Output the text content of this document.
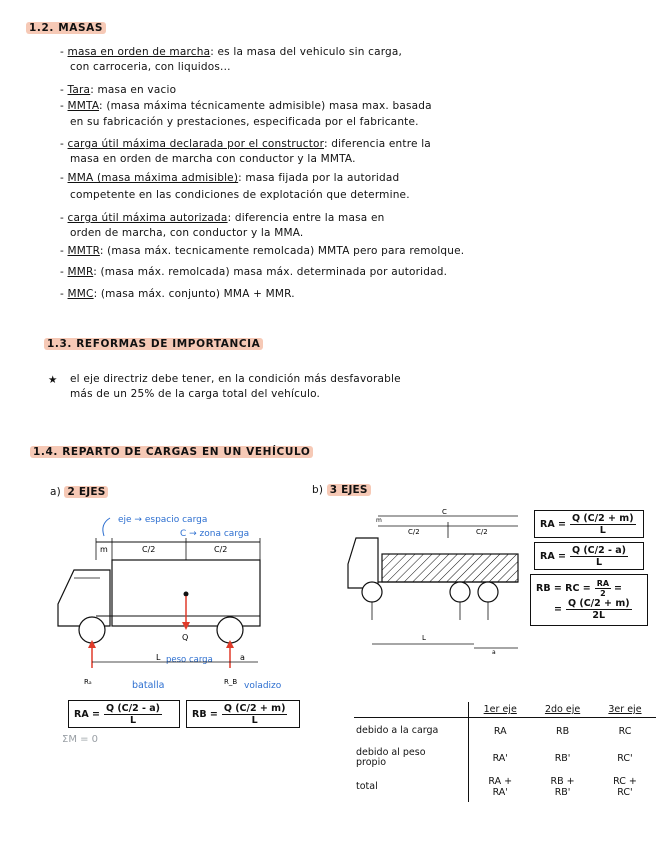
1.2. MASAS
- masa en orden de marcha: es la masa del vehiculo sin carga,
con carroceria, con liquidos...
- Tara: masa en vacio
- MMTA: (masa máxima técnicamente admisible) masa max. basada
en su fabricación y prestaciones, especificada por el fabricante.
- carga útil máxima declarada por el constructor: diferencia entre la
masa en orden de marcha con conductor y la MMTA.
- MMA (masa máxima admisible): masa fijada por la autoridad
competente en las condiciones de explotación que determine.
- carga útil máxima autorizada: diferencia entre la masa en
orden de marcha, con conductor y la MMA.
- MMTR: (masa máx. tecnicamente remolcada) MMTA pero para remolque.
- MMR: (masa máx. remolcada) masa máx. determinada por autoridad.
- MMC: (masa máx. conjunto) MMA + MMR.
1.3. REFORMAS DE IMPORTANCIA
★ el eje directriz debe tener, en la condición más desfavorable
más de un 25% de la carga total del vehículo.
1.4. REPARTO DE CARGAS EN UN VEHÍCULO
a) 2 EJES	b) 3 EJES
eje → espacio carga
C → zona carga
m	C/2	C/2
Q
peso carga
L	a
Rₐ	R_B
batalla	voladizo
RA = $\frac{Q (C/2 - a)}{L}$	RB = $\frac{Q (C/2 + m)}{L}$
ΣM = 0
C
C/2	C/2
m
L
a
RA = $\frac{Q (C/2 + m)}{L}$
RA = $\frac{Q (C/2 - a)}{L}$
RB = RC = $\frac{RA}{2}$ =
= $\frac{Q (C/2 + m)}{2L}$
	1er eje	2do eje	3er eje
debido a la carga	RA	RB	RC
debido al peso propio	RA'	RB'	RC'
total	RA + RA'	RB + RB'	RC + RC'
